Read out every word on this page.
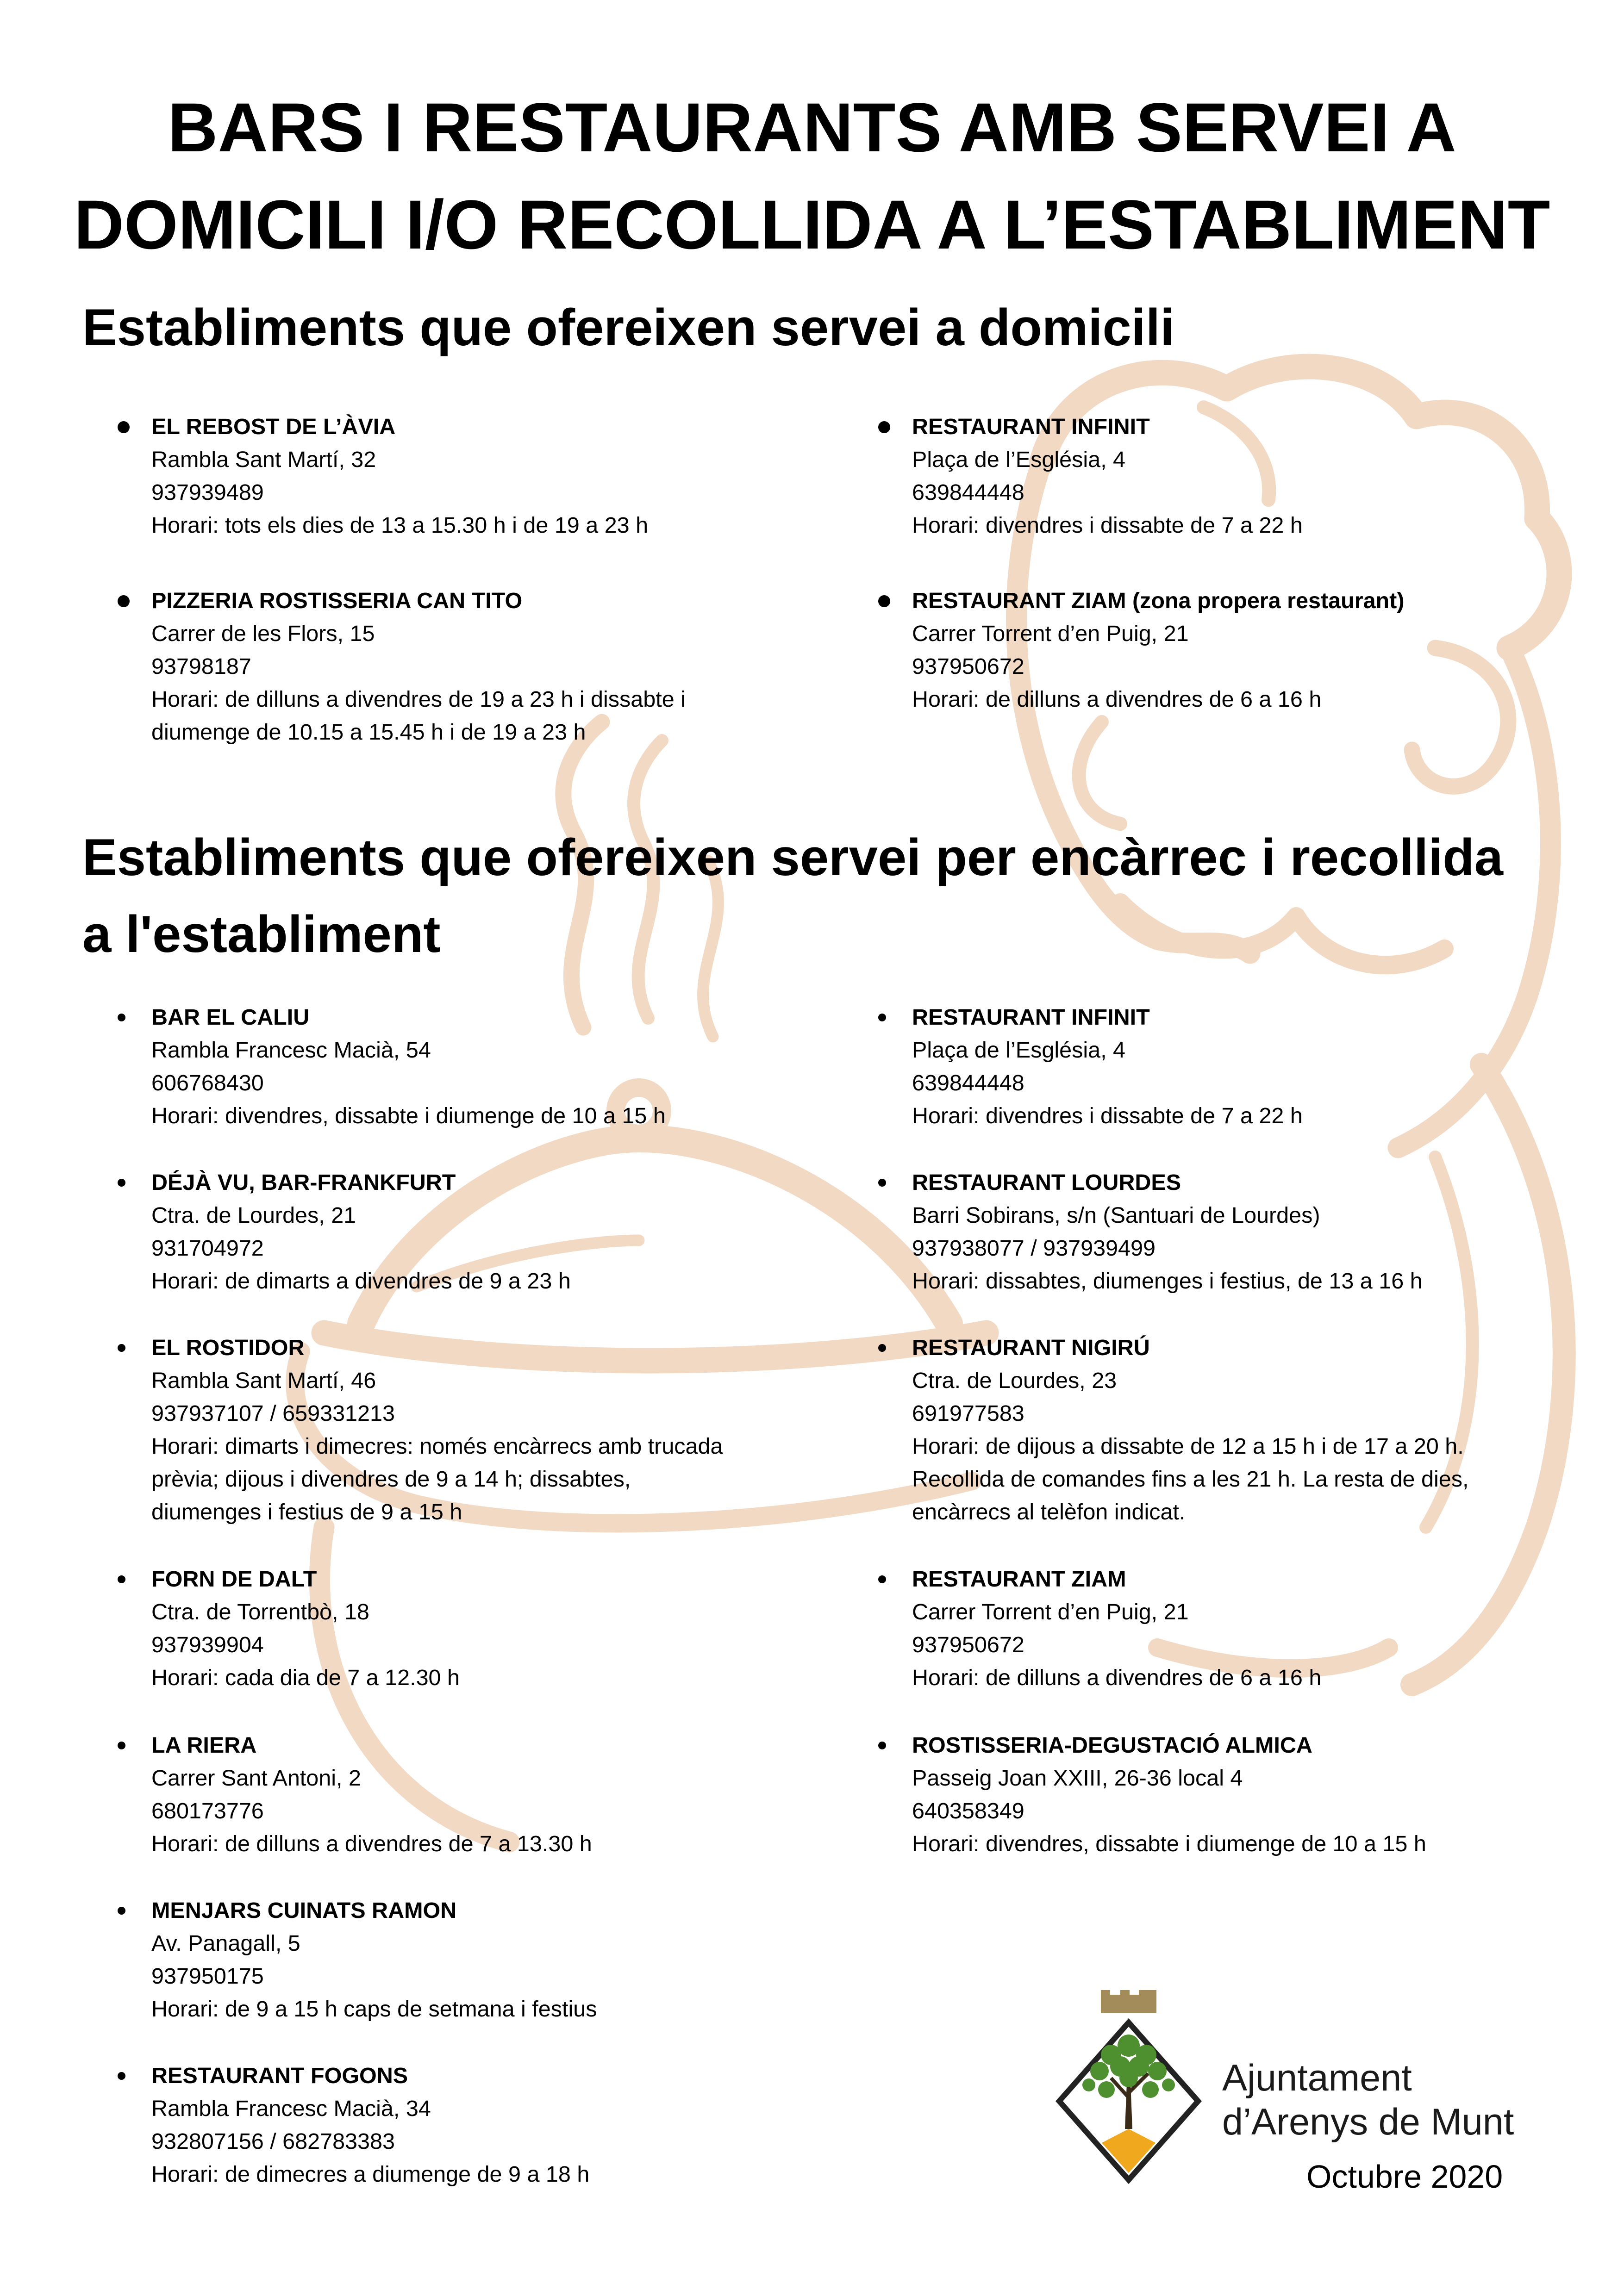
BARS I RESTAURANTS AMB SERVEI A
DOMICILI I/O RECOLLIDA A L’ESTABLIMENT
Establiments que ofereixen servei a domicili
EL REBOST DE L’ÀVIA
Rambla Sant Martí, 32
937939489
Horari: tots els dies de 13 a 15.30 h i de 19 a 23 h
PIZZERIA ROSTISSERIA CAN TITO
Carrer de les Flors, 15
93798187
Horari: de dilluns a divendres de 19 a 23 h i dissabte i
diumenge de 10.15 a 15.45 h i de 19 a 23 h
RESTAURANT INFINIT
Plaça de l’Església, 4
639844448
Horari: divendres i dissabte de 7 a 22 h
RESTAURANT ZIAM (zona propera restaurant)
Carrer Torrent d’en Puig, 21
937950672
Horari: de dilluns a divendres de 6 a 16 h
Establiments que ofereixen servei per encàrrec i recollida
a l'establiment
BAR EL CALIU
Rambla Francesc Macià, 54
606768430
Horari: divendres, dissabte i diumenge de 10 a 15 h
DÉJÀ VU, BAR-FRANKFURT
Ctra. de Lourdes, 21
931704972
Horari: de dimarts a divendres de 9 a 23 h
EL ROSTIDOR
Rambla Sant Martí, 46
937937107 / 659331213
Horari: dimarts i dimecres: només encàrrecs amb trucada
prèvia; dijous i divendres de 9 a 14 h; dissabtes,
diumenges i festius de 9 a 15 h
FORN DE DALT
Ctra. de Torrentbò, 18
937939904
Horari: cada dia de 7 a 12.30 h
LA RIERA
Carrer Sant Antoni, 2
680173776
Horari: de dilluns a divendres de 7 a 13.30 h
MENJARS CUINATS RAMON
Av. Panagall, 5
937950175
Horari: de 9 a 15 h caps de setmana i festius
RESTAURANT FOGONS
Rambla Francesc Macià, 34
932807156 / 682783383
Horari: de dimecres a diumenge de 9 a 18 h
RESTAURANT INFINIT
Plaça de l’Església, 4
639844448
Horari: divendres i dissabte de 7 a 22 h
RESTAURANT LOURDES
Barri Sobirans, s/n (Santuari de Lourdes)
937938077 / 937939499
Horari: dissabtes, diumenges i festius, de 13 a 16 h
RESTAURANT NIGIRÚ
Ctra. de Lourdes, 23
691977583
Horari: de dijous a dissabte de 12 a 15 h i de 17 a 20 h.
Recollida de comandes fins a les 21 h. La resta de dies,
encàrrecs al telèfon indicat.
RESTAURANT ZIAM
Carrer Torrent d’en Puig, 21
937950672
Horari: de dilluns a divendres de 6 a 16 h
ROSTISSERIA-DEGUSTACIÓ ALMICA
Passeig Joan XXIII, 26-36 local 4
640358349
Horari: divendres, dissabte i diumenge de 10 a 15 h
Ajuntament
d’Arenys de Munt
Octubre 2020
